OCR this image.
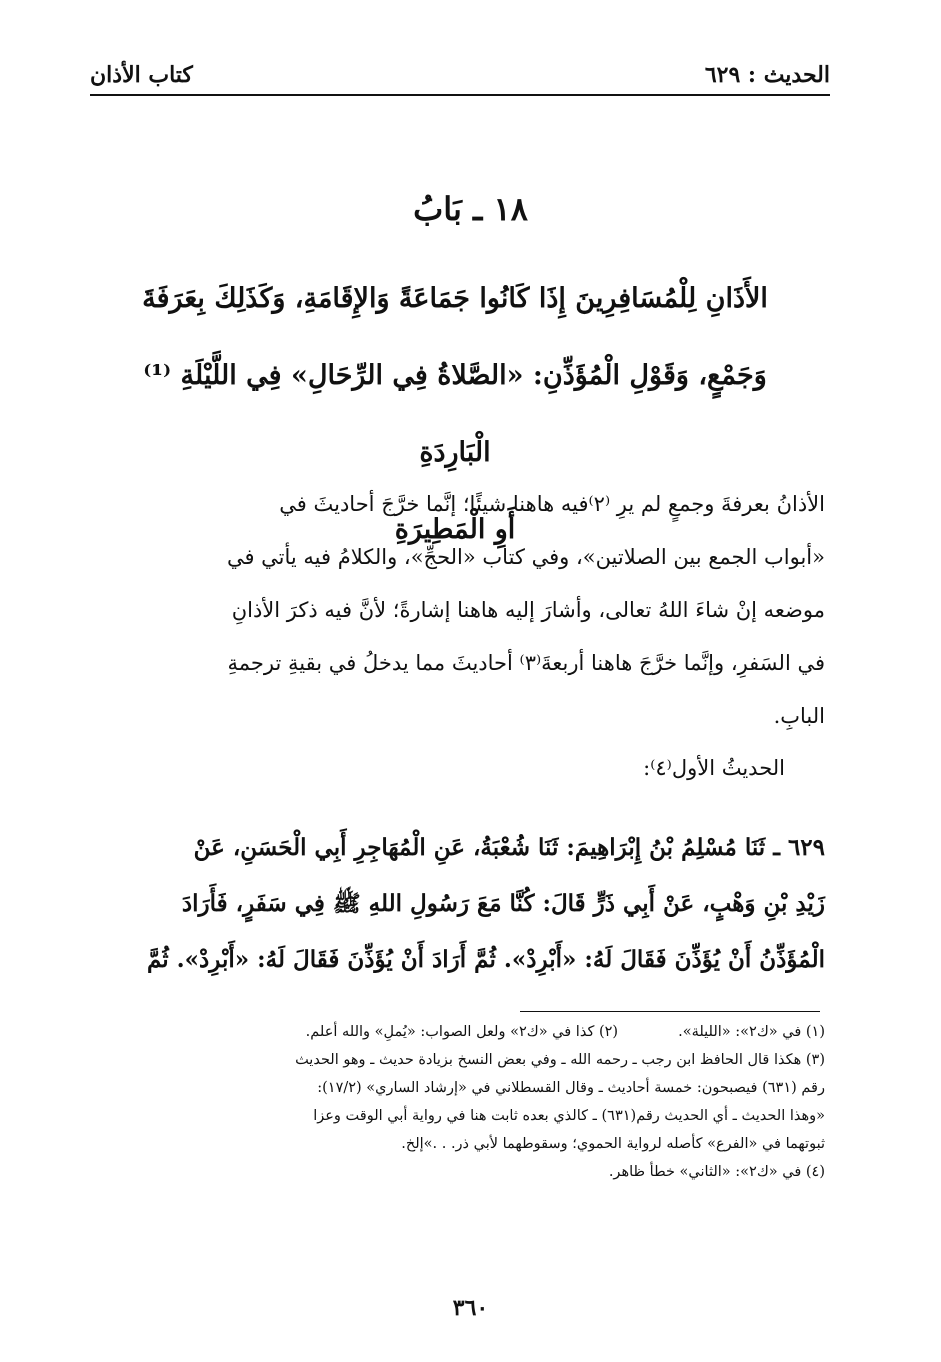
الحديث : ٦٢٩
كتاب الأذان
١٨ ـ بَابُ
الأَذَانِ لِلْمُسَافِرِينَ إِذَا كَانُوا جَمَاعَةً وَالإِقَامَةِ، وَكَذَلِكَ بِعَرَفَةَ
وَجَمْعٍ، وَقَوْلِ الْمُؤَذِّنِ: «الصَّلاةُ فِي الرِّحَالِ» فِي اللَّيْلَةِ ⁽¹⁾ الْبَارِدَةِ
أَوِ الْمَطِيرَةِ
الأذانُ بعرفةَ وجمعٍ لم يرِ ⁽٢⁾فيه هاهنا شيئًا؛ إنَّما خرَّجَ أحاديثَ في
«أبواب الجمع بين الصلاتين»، وفي كتاب «الحجِّ»، والكلامُ فيه يأتي في
موضعه إنْ شاءَ اللهُ تعالى، وأشارَ إليه هاهنا إشارةً؛ لأنَّ فيه ذكرَ الأذانِ
في السَفرِ، وإنَّما خرَّجَ هاهنا أربعةَ⁽٣⁾ أحاديثَ مما يدخلُ في بقيةِ ترجمةِ
البابِ.
الحديثُ الأول⁽٤⁾:
٦٢٩ ـ ثَنَا مُسْلِمُ بْنُ إِبْرَاهِيمَ: ثَنَا شُعْبَةُ، عَنِ الْمُهَاجِرِ أَبِي الْحَسَنِ، عَنْ
زَيْدِ بْنِ وَهْبٍ، عَنْ أَبِي ذَرٍّ قَالَ: كُنَّا مَعَ رَسُولِ اللهِ ﷺ فِي سَفَرٍ، فَأَرَادَ
الْمُؤَذِّنُ أَنْ يُؤَذِّنَ فَقَالَ لَهُ: «أَبْرِدْ». ثُمَّ أَرَادَ أَنْ يُؤَذِّنَ فَقَالَ لَهُ: «أَبْرِدْ». ثُمَّ
(١) في «ك٢»: «الليلة».
(٢) كذا في «ك٢» ولعل الصواب: «يُملِ» والله أعلم.
(٣) هكذا قال الحافظ ابن رجب ـ رحمه الله ـ وفي بعض النسخ بزيادة حديث ـ وهو الحديث
رقم (٦٣١) فيصبحون: خمسة أحاديث ـ وقال القسطلاني في «إرشاد الساري» (١٧/٢):
«وهذا الحديث ـ أي الحديث رقم(٦٣١) ـ كالذي بعده ثابت هنا في رواية أبي الوقت وعزا
ثبوتهما في «الفرع» كأصله لرواية الحموي؛ وسقوطهما لأبي ذر. . .»إلخ.
(٤) في «ك٢»: «الثاني» خطأ ظاهر.
٣٦٠
